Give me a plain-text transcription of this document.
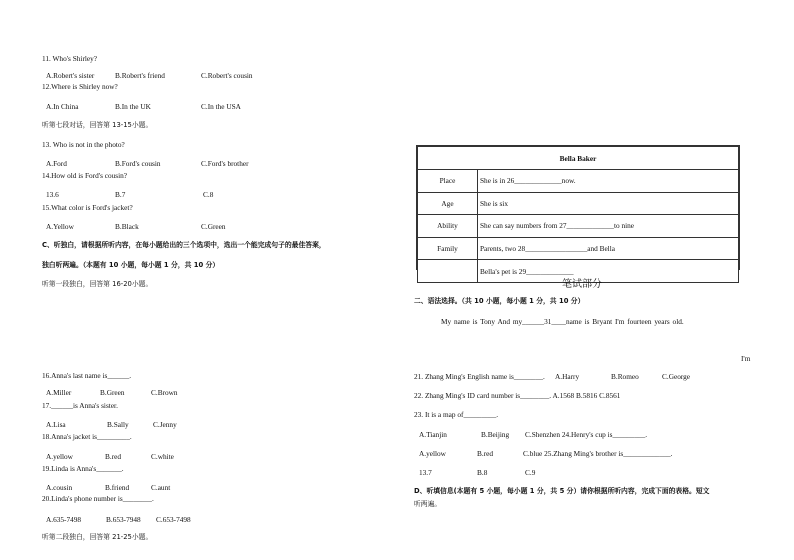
11. Who's Shirley?
A.Robert's sister	B.Robert's friend	C.Robert's cousin
12.Where is Shirley now?
A.In China	B.In the UK	C.In the USA
听第七段对话，回答第 13-15小题。
13. Who is not in the photo?
A.Ford	B.Ford's cousin	C.Ford's brother
14.How old is Ford's cousin?
13.6	B.7	C.8
15.What color is Ford's jacket?
A.Yellow	B.Black	C.Green
C、听独白，请根据所听内容，在每小题给出的三个选项中，选出一个能完成句子的最佳答案，
独白听两遍。（本题有 10 小题，每小题 1 分，共 10 分）
听第一段独白，回答第 16-20小题。
16.Anna's last name is______.
A.Miller	B.Green	C.Brown
17.______is Anna's sister.
A.Lisa	B.Sally	C.Jenny
18.Anna's jacket is_________.
A.yellow	B.red	C.white
19.Linda is Anna's_______.
A.cousin	B.friend	C.aunt
20.Linda's phone number is________.
A.635-7498	B.653-7948 C.653-7498
听第二段独白，回答第 21-25小题。
Bella Baker	
Place	She is in 26_____________now.
Age	She is six
Ability	She can say numbers from 27_____________to nine
Family	Parents, two 28_________________and Bella
	Bella's pet is 29_____________
笔试部分
二、语法选择。（共 10 小题，每小题 1 分，共 10 分）
My name is Tony And my______31____name is Bryant I'm fourteen years old.
I'm
21. Zhang Ming's English name is________. A.Harry	B.Romeo	C.George
22. Zhang Ming's ID card number is________. A.1568 B.5816 C.8561
23. It is a map of_________.
A.Tianjin	B.Beijing C.Shenzhen 24.Henry's cup is_________.
A.yellow	B.red	C.blue 25.Zhang Ming's brother is_____________.
13.7	B.8	C.9
D、听填信息(本题有 5 小题，每小题 1 分，共 5 分）请你根据所听内容，完成下面的表格。短文
听两遍。
